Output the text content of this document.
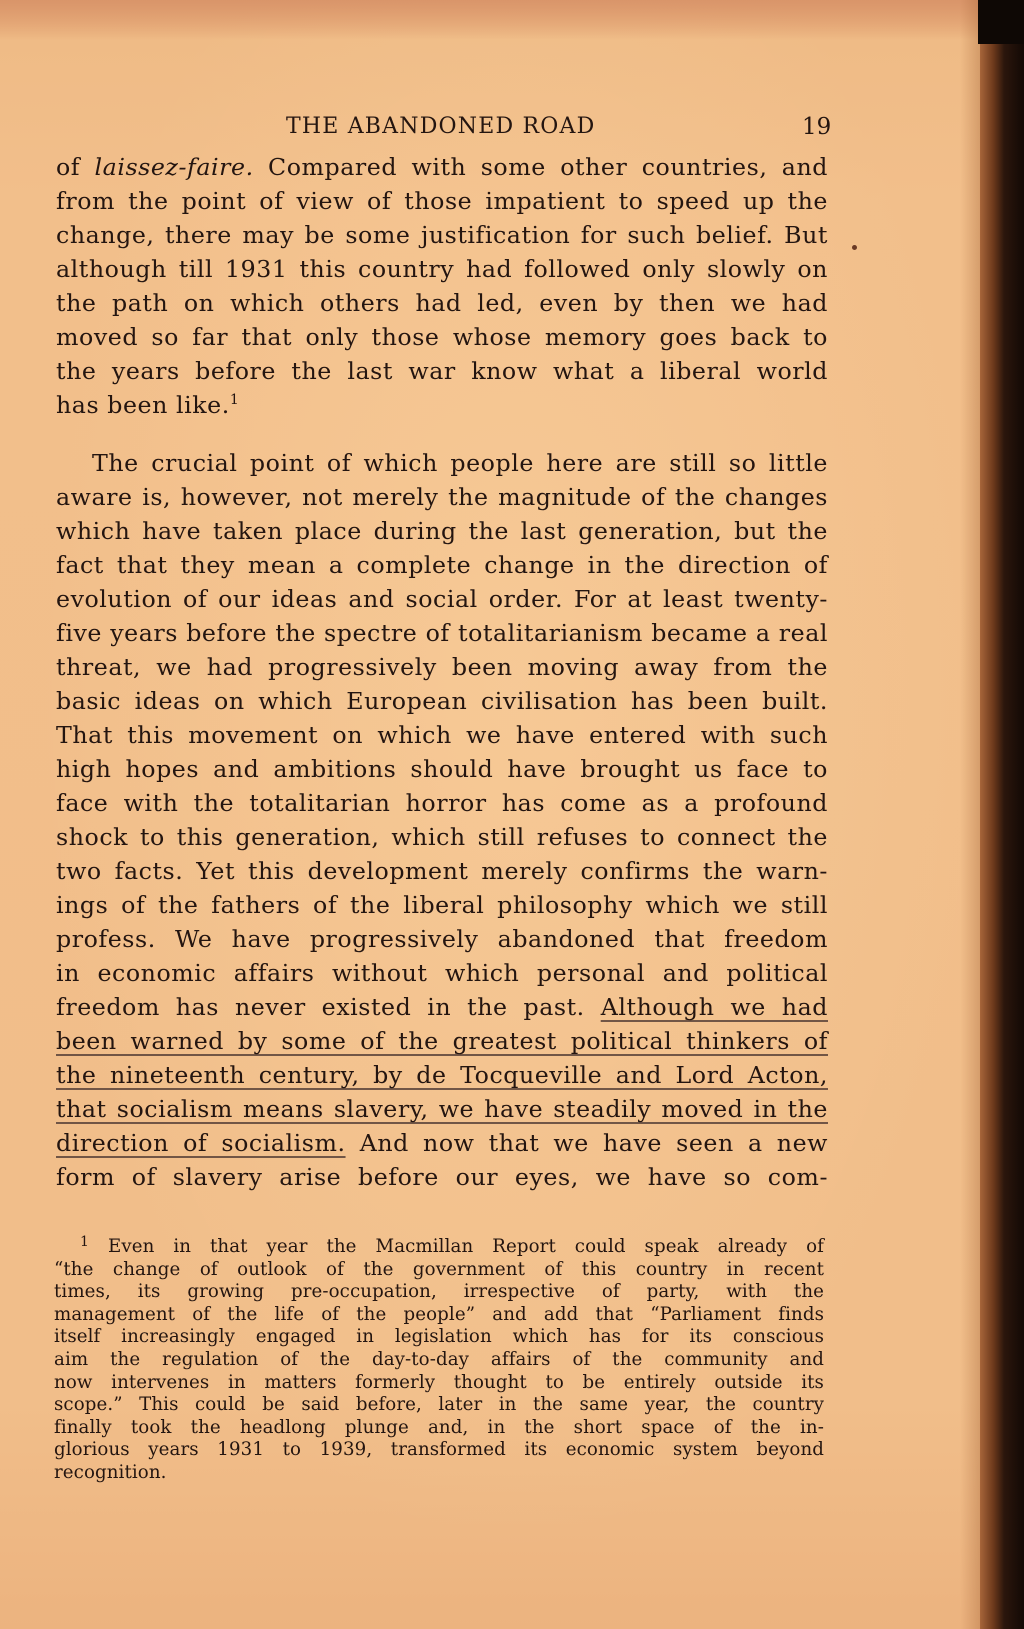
THE ABANDONED ROAD	19
of laissez-faire. Compared with some other countries, and
from the point of view of those impatient to speed up the
change, there may be some justification for such belief. But
although till 1931 this country had followed only slowly on
the path on which others had led, even by then we had
moved so far that only those whose memory goes back to
the years before the last war know what a liberal world
has been like.$^1$
The crucial point of which people here are still so little
aware is, however, not merely the magnitude of the changes
which have taken place during the last generation, but the
fact that they mean a complete change in the direction of
evolution of our ideas and social order. For at least twenty-
five years before the spectre of totalitarianism became a real
threat, we had progressively been moving away from the
basic ideas on which European civilisation has been built.
That this movement on which we have entered with such
high hopes and ambitions should have brought us face to
face with the totalitarian horror has come as a profound
shock to this generation, which still refuses to connect the
two facts. Yet this development merely confirms the warn-
ings of the fathers of the liberal philosophy which we still
profess. We have progressively abandoned that freedom
in economic affairs without which personal and political
freedom has never existed in the past. Although we had
been warned by some of the greatest political thinkers of
the nineteenth century, by de Tocqueville and Lord Acton,
that socialism means slavery, we have steadily moved in the
direction of socialism. And now that we have seen a new
form of slavery arise before our eyes, we have so com-
$^1$ Even in that year the Macmillan Report could speak already of
“the change of outlook of the government of this country in recent
times, its growing pre-occupation, irrespective of party, with the
management of the life of the people” and add that “Parliament finds
itself increasingly engaged in legislation which has for its conscious
aim the regulation of the day-to-day affairs of the community and
now intervenes in matters formerly thought to be entirely outside its
scope.” This could be said before, later in the same year, the country
finally took the headlong plunge and, in the short space of the in-
glorious years 1931 to 1939, transformed its economic system beyond
recognition.
